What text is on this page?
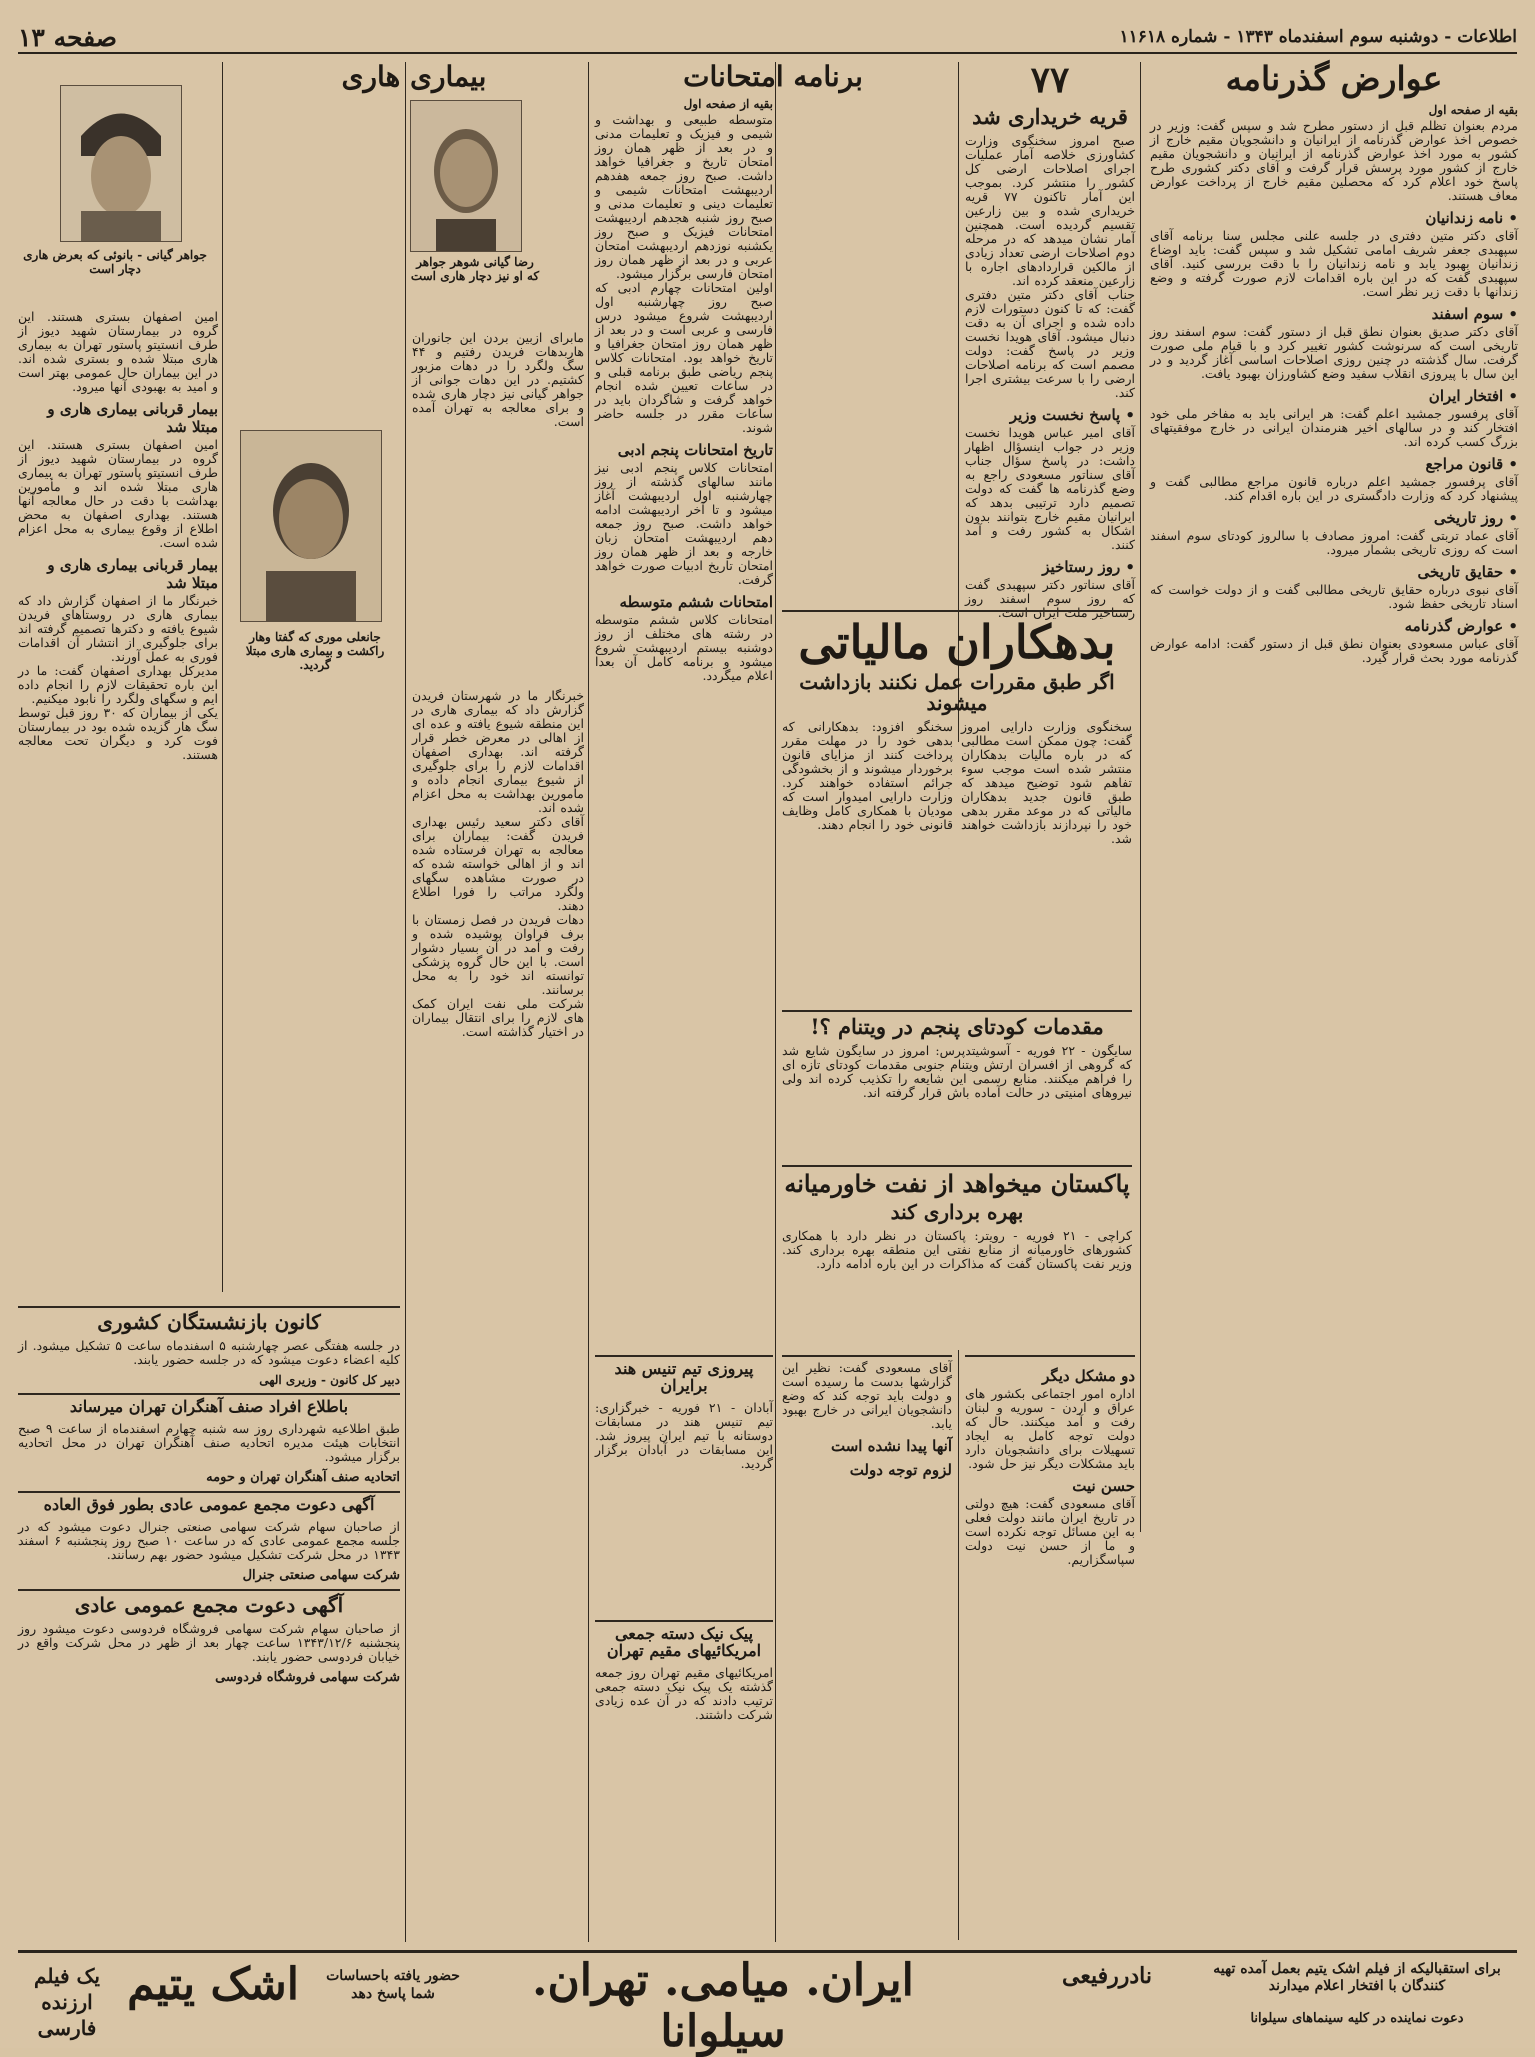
اطلاعات - دوشنبه سوم اسفندماه ۱۳۴۳ - شماره ۱۱۶۱۸
صفحه ۱۳
عوارض گذرنامه
بقیه از صفحه اول

مردم بعنوان تظلم قبل از دستور مطرح شد و سپس گفت: وزیر در خصوص اخذ عوارض گذرنامه از ایرانیان و دانشجویان مقیم خارج از کشور به مورد اخذ عوارض گذرنامه از ایرانیان و دانشجویان مقیم خارج از کشور مورد پرسش قرار گرفت و آقای دکتر کشوری طرح پاسخ خود اعلام کرد که محصلین مقیم خارج از پرداخت عوارض معاف هستند.

• نامه زندانیان

آقای دکتر متین دفتری در جلسه علنی مجلس سنا برنامه آقای سپهبدی جعفر شریف امامی تشکیل شد و سپس گفت: باید اوضاع زندانیان بهبود یابد و نامه زندانیان را با دقت بررسی کنید. آقای سپهبدی گفت که در این باره اقدامات لازم صورت گرفته و وضع زندانها با دقت زیر نظر است.

• سوم اسفند

آقای دکتر صدیق بعنوان نطق قبل از دستور گفت: سوم اسفند روز تاریخی است که سرنوشت کشور تغییر کرد و با قیام ملی صورت گرفت. سال گذشته در چنین روزی اصلاحات اساسی آغاز گردید و در این سال با پیروزی انقلاب سفید وضع کشاورزان بهبود یافت.

• افتخار ایران

آقای پرفسور جمشید اعلم گفت: هر ایرانی باید به مفاخر ملی خود افتخار کند و در سالهای اخیر هنرمندان ایرانی در خارج موفقیتهای بزرگ کسب کرده اند.

• قانون مراجع

آقای پرفسور جمشید اعلم درباره قانون مراجع مطالبی گفت و پیشنهاد کرد که وزارت دادگستری در این باره اقدام کند.

• روز تاریخی

آقای عماد تربتی گفت: امروز مصادف با سالروز کودتای سوم اسفند است که روزی تاریخی بشمار میرود.

• حقایق تاریخی

آقای نبوی درباره حقایق تاریخی مطالبی گفت و از دولت خواست که اسناد تاریخی حفظ شود.

• عوارض گذرنامه

آقای عباس مسعودی بعنوان نطق قبل از دستور گفت: ادامه عوارض گذرنامه مورد بحث قرار گیرد.

۷۷
قریه خریداری شد

صبح امروز سخنگوی وزارت کشاورزی خلاصه آمار عملیات اجرای اصلاحات ارضی کل کشور را منتشر کرد. بموجب این آمار تاکنون ۷۷ قریه خریداری شده و بین زارعین تقسیم گردیده است. همچنین آمار نشان میدهد که در مرحله دوم اصلاحات ارضی تعداد زیادی از مالکین قراردادهای اجاره با زارعین منعقد کرده اند.

جناب آقای دکتر متین دفتری گفت: که تا کنون دستورات لازم داده شده و اجرای آن به دقت دنبال میشود. آقای هویدا نخست وزیر در پاسخ گفت: دولت مصمم است که برنامه اصلاحات ارضی را با سرعت بیشتری اجرا کند.

• پاسخ نخست وزیر

آقای امیر عباس هویدا نخست وزیر در جواب اینسؤال اظهار داشت: در پاسخ سؤال جناب آقای سناتور مسعودی راجع به وضع گذرنامه ها گفت که دولت تصمیم دارد ترتیبی بدهد که ایرانیان مقیم خارج بتوانند بدون اشکال به کشور رفت و آمد کنند.

• روز رستاخیز

آقای سناتور دکتر سپهبدی گفت که روز سوم اسفند روز رستاخیز ملت ایران است.

بدهکاران مالیاتی
اگر طبق مقررات عمل نکنند بازداشت میشوند

سخنگوی وزارت دارایی امروز گفت: چون ممکن است مطالبی که در باره مالیات بدهکاران منتشر شده است موجب سوء تفاهم شود توضیح میدهد که طبق قانون جدید بدهکاران مالیاتی که در موعد مقرر بدهی خود را نپردازند بازداشت خواهند شد.

سخنگو افزود: بدهکارانی که بدهی خود را در مهلت مقرر پرداخت کنند از مزایای قانون برخوردار میشوند و از بخشودگی جرائم استفاده خواهند کرد. وزارت دارایی امیدوار است که مودیان با همکاری کامل وظایف قانونی خود را انجام دهند.

مقدمات کودتای پنجم در ویتنام ؟!

سایگون - ۲۲ فوریه - آسوشیتدپرس: امروز در سایگون شایع شد که گروهی از افسران ارتش ویتنام جنوبی مقدمات کودتای تازه ای را فراهم میکنند. منابع رسمی این شایعه را تکذیب کرده اند ولی نیروهای امنیتی در حالت آماده باش قرار گرفته اند.

پاکستان میخواهد از نفت خاورمیانه
بهره برداری کند

کراچی - ۲۱ فوریه - رویتر: پاکستان در نظر دارد با همکاری کشورهای خاورمیانه از منابع نفتی این منطقه بهره برداری کند. وزیر نفت پاکستان گفت که مذاکرات در این باره ادامه دارد.

دو مشکل دیگر

اداره امور اجتماعی بکشور های عراق و اردن - سوریه و لبنان رفت و آمد میکنند. حال که دولت توجه کامل به ایجاد تسهیلات برای دانشجویان دارد باید مشکلات دیگر نیز حل شود.

حسن نیت

آقای مسعودی گفت: هیچ دولتی در تاریخ ایران مانند دولت فعلی به این مسائل توجه نکرده است و ما از حسن نیت دولت سپاسگزاریم.

آقای مسعودی گفت: نظیر این گزارشها بدست ما رسیده است و دولت باید توجه کند که وضع دانشجویان ایرانی در خارج بهبود یابد.

آنها پیدا نشده است
لزوم توجه دولت
برنامه امتحانات
بقیه از صفحه اول

متوسطه طبیعی و بهداشت و شیمی و فیزیک و تعلیمات مدنی و در بعد از ظهر همان روز امتحان تاریخ و جغرافیا خواهد داشت. صبح روز جمعه هفدهم اردیبهشت امتحانات شیمی و تعلیمات دینی و تعلیمات مدنی و صبح روز شنبه هجدهم اردیبهشت امتحانات فیزیک و صبح روز یکشنبه نوزدهم اردیبهشت امتحان عربی و در بعد از ظهر همان روز امتحان فارسی برگزار میشود.

اولین امتحانات چهارم ادبی که صبح روز چهارشنبه اول اردیبهشت شروع میشود درس فارسی و عربی است و در بعد از ظهر همان روز امتحان جغرافیا و تاریخ خواهد بود. امتحانات کلاس پنجم ریاضی طبق برنامه قبلی و در ساعات تعیین شده انجام خواهد گرفت و شاگردان باید در ساعات مقرر در جلسه حاضر شوند.

تاریخ امتحانات پنجم ادبی

امتحانات کلاس پنجم ادبی نیز مانند سالهای گذشته از روز چهارشنبه اول اردیبهشت آغاز میشود و تا آخر اردیبهشت ادامه خواهد داشت. صبح روز جمعه دهم اردیبهشت امتحان زبان خارجه و بعد از ظهر همان روز امتحان تاریخ ادبیات صورت خواهد گرفت.

امتحانات ششم متوسطه

امتحانات کلاس ششم متوسطه در رشته های مختلف از روز دوشنبه بیستم اردیبهشت شروع میشود و برنامه کامل آن بعدا اعلام میگردد.

پیروزی تیم تنیس هند برایران

آبادان - ۲۱ فوریه - خبرگزاری: تیم تنیس هند در مسابقات دوستانه با تیم ایران پیروز شد. این مسابقات در آبادان برگزار گردید.

پیک نیک دسته جمعی امریکائیهای مقیم تهران

امریکائیهای مقیم تهران روز جمعه گذشته یک پیک نیک دسته جمعی ترتیب دادند که در آن عده زیادی شرکت داشتند.

بیماری هاری

مابرای ازبین بردن این جانوران هاربدهات فریدن رفتیم و ۴۴ سگ ولگرد را در دهات مزبور کشتیم. در این دهات جوانی از جواهر گیانی نیز دچار هاری شده و برای معالجه به تهران آمده است.

خبرنگار ما در شهرستان فریدن گزارش داد که بیماری هاری در این منطقه شیوع یافته و عده ای از اهالی در معرض خطر قرار گرفته اند. بهداری اصفهان اقدامات لازم را برای جلوگیری از شیوع بیماری انجام داده و مأمورین بهداشت به محل اعزام شده اند.

آقای دکتر سعید رئیس بهداری فریدن گفت: بیماران برای معالجه به تهران فرستاده شده اند و از اهالی خواسته شده که در صورت مشاهده سگهای ولگرد مراتب را فورا اطلاع دهند.

دهات فریدن در فصل زمستان با برف فراوان پوشیده شده و رفت و آمد در آن بسیار دشوار است. با این حال گروه پزشکی توانسته اند خود را به محل برسانند.

شرکت ملی نفت ایران کمک های لازم را برای انتقال بیماران در اختیار گذاشته است.

رضا گیانی شوهر جواهر که او نیز دچار هاری است
جواهر گیانی - بانوئی که بعرض هاری دچار است
جانعلی موری که گفتا وهار راکشت و بیماری هاری مبتلا گردید.

امین اصفهان بستری هستند. این گروه در بیمارستان شهید دیوز از طرف انستیتو پاستور تهران به بیماری هاری مبتلا شده و بستری شده اند. در این بیماران حال عمومی بهتر است و امید به بهبودی آنها میرود.

بیمار قربانی بیماری هاری و مبتلا شد

امین اصفهان بستری هستند. این گروه در بیمارستان شهید دیوز از طرف انستیتو پاستور تهران به بیماری هاری مبتلا شده اند و مأمورین بهداشت با دقت در حال معالجه آنها هستند. بهداری اصفهان به محض اطلاع از وقوع بیماری به محل اعزام شده است.

بیمار قربانی بیماری هاری و مبتلا شد

خبرنگار ما از اصفهان گزارش داد که بیماری هاری در روستاهای فریدن شیوع یافته و دکترها تصمیم گرفته اند برای جلوگیری از انتشار آن اقدامات فوری به عمل آورند.

مدیرکل بهداری اصفهان گفت: ما در این باره تحقیقات لازم را انجام داده ایم و سگهای ولگرد را نابود میکنیم.

یکی از بیماران که ۳۰ روز قبل توسط سگ هار گزیده شده بود در بیمارستان فوت کرد و دیگران تحت معالجه هستند.

کانون بازنشستگان کشوری

در جلسه هفتگی عصر چهارشنبه ۵ اسفندماه ساعت ۵ تشکیل میشود. از کلیه اعضاء دعوت میشود که در جلسه حضور یابند.

دبیر کل کانون - وزیری الهی
باطلاع افراد صنف آهنگران تهران میرساند

طبق اطلاعیه شهرداری روز سه شنبه چهارم اسفندماه از ساعت ۹ صبح انتخابات هیئت مدیره اتحادیه صنف آهنگران تهران در محل اتحادیه برگزار میشود.

اتحادیه صنف آهنگران تهران و حومه
آگهی دعوت مجمع عمومی عادی بطور فوق العاده

از صاحبان سهام شرکت سهامی صنعتی جنرال دعوت میشود که در جلسه مجمع عمومی عادی که در ساعت ۱۰ صبح روز پنجشنبه ۶ اسفند ۱۳۴۳ در محل شرکت تشکیل میشود حضور بهم رسانند.

شرکت سهامی صنعتی جنرال
آگهی دعوت مجمع عمومی عادی

از صاحبان سهام شرکت سهامی فروشگاه فردوسی دعوت میشود روز پنجشنبه ۱۳۴۳/۱۲/۶ ساعت چهار بعد از ظهر در محل شرکت واقع در خیابان فردوسی حضور یابند.

شرکت سهامی فروشگاه فردوسی
برای استقبالیکه از فیلم اشک یتیم بعمل آمده تهیه کنندگان با افتخار اعلام میدارند
دعوت نماینده در کلیه سینماهای سیلوانا
نادررفیعی
ایران. میامی. تهران. سیلوانا
حضور یافته باحساسات شما پاسخ دهد
اشک یتیم
یک فیلم ارزنده فارسی
